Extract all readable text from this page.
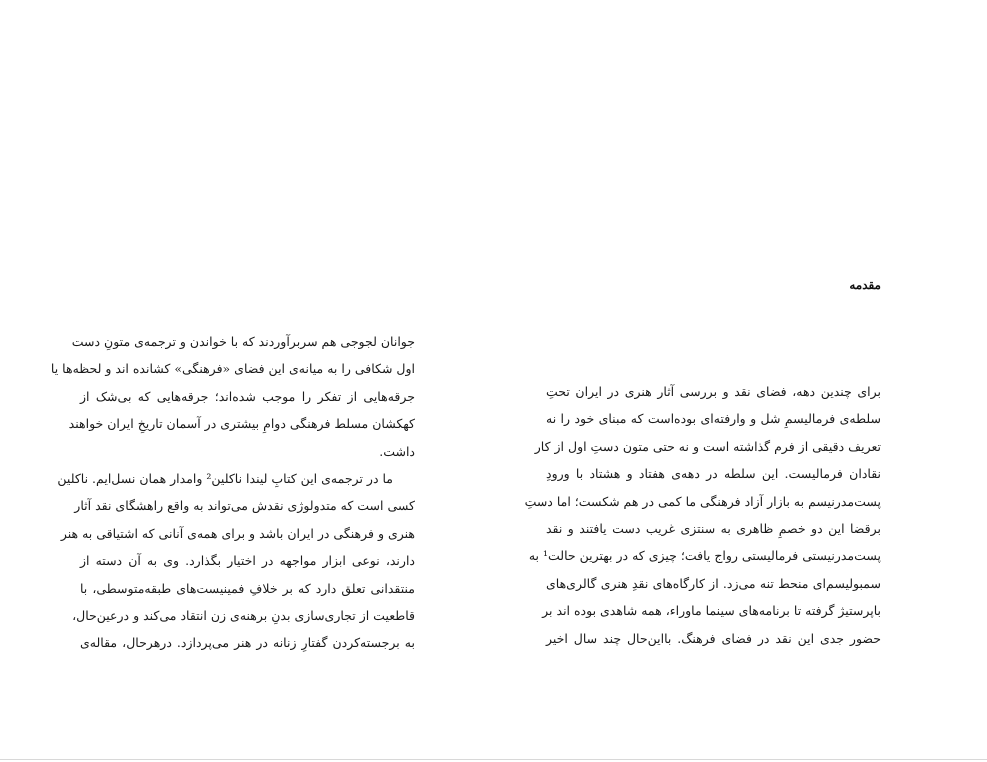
مقدمه
برای چندین دهه، فضای نقد و بررسی آثار هنری در ایران تحتِ
سلطه‌ی فرمالیسمِ شل و وارفته‌ای بوده‌است که مبنای خود را نه
تعریف دقیقی از فرم گذاشته است و نه حتی متون دستِ اول از کار
نقادان فرمالیست. این سلطه در دهه‌ی هفتاد و هشتاد با ورودِ
پست‌مدرنیسم به بازار آزاد فرهنگی ما کمی در هم شکست؛ اما دستِ
برقضا این دو خصمِ ظاهری به سنتزی غریب دست یافتند و نقد
پست‌مدرنیستی فرمالیستی رواج یافت؛ چیزی که در بهترین حالت¹ به
سمبولیسم‌ای منحط تنه می‌زد. از کارگاه‌های نقدِ هنری گالری‌های
باپرستیژ گرفته تا برنامه‌های سینما ماوراء، همه شاهدی بوده اند بر
حضور جدی این نقد در فضای فرهنگ. بااین‌حال چند سال اخیر
جوانان لجوجی هم سربرآوردند که با خواندن و ترجمه‌ی متونِ دست
اول شکافی را به میانه‌ی این فضای «فرهنگی» کشانده اند و لحظه‌ها یا
جرقه‌هایی از تفکر را موجب شده‌اند؛ جرقه‌هایی که بی‌شک از
کهکشان مسلط فرهنگی دوامِ بیشتری در آسمان تاریخِ ایران خواهند
داشت.
ما در ترجمه‌ی این کتابِ لیندا ناکلین² وامدار همان نسل‌ایم. ناکلین
کسی است که متدولوژی نقدش می‌تواند به واقع راهشگای نقد آثار
هنری و فرهنگی در ایران باشد و برای همه‌ی آنانی که اشتیاقی به هنر
دارند، نوعی ابزار مواجهه در اختیار بگذارد. وی به آن دسته از
منتقدانی تعلق دارد که بر خلافِ فمینیست‌های طبقه‌متوسطی، با
قاطعیت از تجاری‌سازی بدنِ برهنه‌ی زن انتقاد می‌کند و درعین‌حال،
به برجسته‌کردن گفتارِ زنانه در هنر می‌پردازد. درهرحال، مقاله‌ی
